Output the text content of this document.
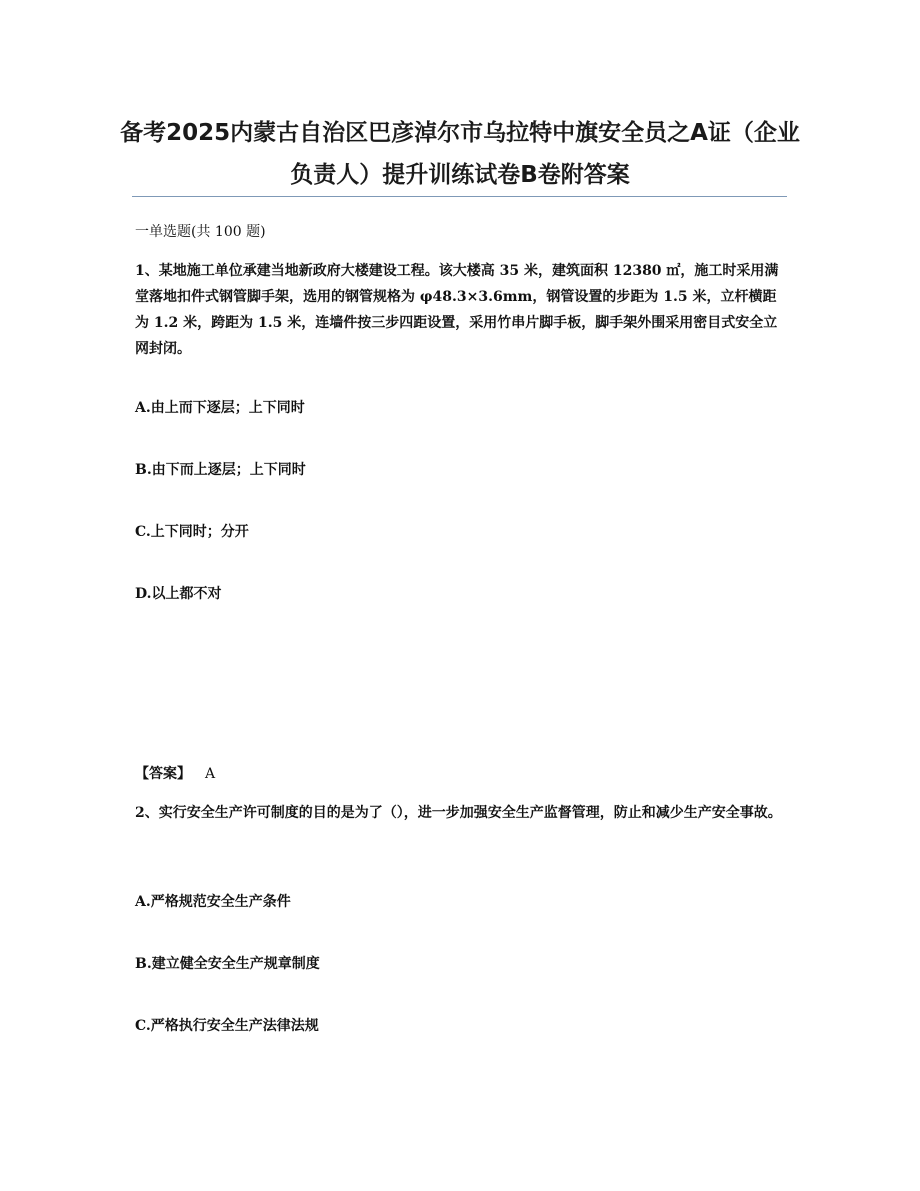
备考2025内蒙古自治区巴彦淖尔市乌拉特中旗安全员之A证（企业负责人）提升训练试卷B卷附答案
一单选题(共 100 题)

1、某地施工单位承建当地新政府大楼建设工程。该大楼高 35 米，建筑面积 12380 ㎡，施工时采用满堂落地扣件式钢管脚手架，选用的钢管规格为 φ48.3×3.6mm，钢管设置的步距为 1.5 米，立杆横距为 1.2 米，跨距为 1.5 米，连墙件按三步四距设置，采用竹串片脚手板，脚手架外围采用密目式安全立网封闭。

A.由上而下逐层；上下同时
B.由下而上逐层；上下同时
C.上下同时；分开
D.以上都不对
【答案】 A

2、实行安全生产许可制度的目的是为了（），进一步加强安全生产监督管理，防止和减少生产安全事故。

A.严格规范安全生产条件
B.建立健全安全生产规章制度
C.严格执行安全生产法律法规
